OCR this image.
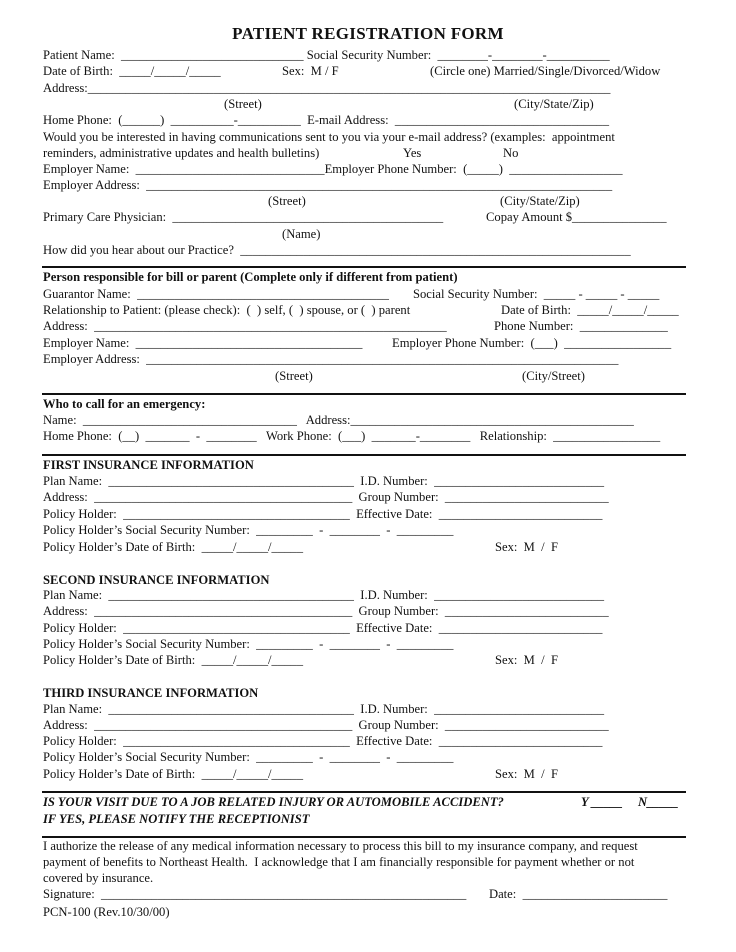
PATIENT REGISTRATION FORM
Patient Name:  _____________________________ Social Security Number:  ________-________-__________
Date of Birth:  _____/_____/_____	Sex:  M / F	(Circle one) Married/Single/Divorced/Widow
Address:___________________________________________________________________________________
(Street)	(City/State/Zip)
Home Phone:  (______)  __________-__________  E-mail Address:  __________________________________
Would you be interested in having communications sent to you via your e-mail address? (examples:  appointment
reminders, administrative updates and health bulletins)	Yes	No
Employer Name:  ______________________________Employer Phone Number:  (_____)  __________________
Employer Address:  __________________________________________________________________________
(Street)	(City/State/Zip)
Primary Care Physician:  ___________________________________________	Copay Amount $_______________
(Name)
How did you hear about our Practice?  ______________________________________________________________
Person responsible for bill or parent (Complete only if different from patient)
Guarantor Name:  ________________________________________ Social Security Number:  _____ - _____ - _____
Relationship to Patient: (please check):  (  ) self, (  ) spouse, or (  ) parent	Date of Birth:  _____/_____/_____
Address:  ________________________________________________________	Phone Number:  ______________
Employer Name:  ____________________________________ Employer Phone Number:  (___)  _________________
Employer Address:  ___________________________________________________________________________
(Street)	(City/Street)
Who to call for an emergency:
Name:  __________________________________   Address:_____________________________________________
Home Phone:  (__)  _______  -  ________   Work Phone:  (___)  _______-________   Relationship:  _________________
FIRST INSURANCE INFORMATION
Plan Name:  _______________________________________  I.D. Number:  ___________________________
Address:  _________________________________________  Group Number:  __________________________
Policy Holder:  ____________________________________  Effective Date:  __________________________
Policy Holder’s Social Security Number:  _________  -  ________  -  _________
Policy Holder’s Date of Birth:  _____/_____/_____	Sex:  M  /  F
SECOND INSURANCE INFORMATION
Plan Name:  _______________________________________  I.D. Number:  ___________________________
Address:  _________________________________________  Group Number:  __________________________
Policy Holder:  ____________________________________  Effective Date:  __________________________
Policy Holder’s Social Security Number:  _________  -  ________  -  _________
Policy Holder’s Date of Birth:  _____/_____/_____	Sex:  M  /  F
THIRD INSURANCE INFORMATION
Plan Name:  _______________________________________  I.D. Number:  ___________________________
Address:  _________________________________________  Group Number:  __________________________
Policy Holder:  ____________________________________  Effective Date:  __________________________
Policy Holder’s Social Security Number:  _________  -  ________  -  _________
Policy Holder’s Date of Birth:  _____/_____/_____	Sex:  M  /  F
IS YOUR VISIT DUE TO A JOB RELATED INJURY OR AUTOMOBILE ACCIDENT?	Y _____ N_____
IF YES, PLEASE NOTIFY THE RECEPTIONIST
I authorize the release of any medical information necessary to process this bill to my insurance company, and request
payment of benefits to Northeast Health.  I acknowledge that I am financially responsible for payment whether or not
covered by insurance.
Signature:  __________________________________________________________ Date:  _______________________
PCN-100 (Rev.10/30/00)
